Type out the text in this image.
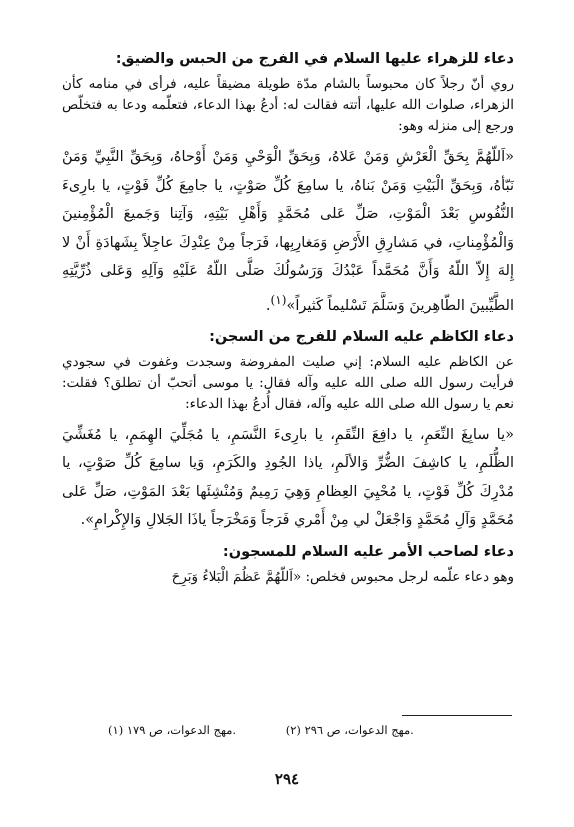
دعاء للزهراء عليها السلام في الفرج من الحبس والضيق:

روي أنّ رجلاً كان محبوساً بالشام مدّة طويلة مضيقاً عليه، فرأى في منامه كأن الزهراء، صلوات الله عليها، أتته فقالت له: أدعُ بهذا الدعاء، فتعلّمه ودعا به فتخلّص ورجع إلى منزله وهو:

«اَللّهُمَّ بِحَقِّ الْعَرْشِ وَمَنْ عَلاهُ، وَبِحَقِّ الْوَحْيِ وَمَنْ أَوْحاهُ، وَبِحَقِّ النَّبِيِّ وَمَنْ نَبّأهُ، وَبِحَقِّ الْبَيْتِ وَمَنْ بَناهُ، يا سامِعَ كُلِّ صَوْتٍ، يا جامِعَ كُلِّ فَوْتٍ، يا بارِىءَ النُّفُوسِ بَعْدَ الْمَوْتِ، صَلِّ عَلى مُحَمَّدٍ وَأَهْلِ بَيْتِهِ، وَآتِنا وَجَميعَ الْمُؤْمِنينَ وَالْمُؤْمِناتِ، في مَشارِقِ الأَرْضِ وَمَغارِبِها، فَرَجاً مِنْ عِنْدِكَ عاجِلاً بِشَهادَةِ أَنْ لا إِلهَ إِلاّ اللّهُ وَأَنَّ مُحَمَّداً عَبْدُكَ وَرَسُولُكَ صَلَّى اللّهُ عَلَيْهِ وَآلِهِ وَعَلى ذُرِّيَّتِهِ الطَّيِّبينَ الطّاهِرينَ وَسَلَّمَ تَسْليماً كَثيراً»$^{(١)}$.

دعاء الكاظم عليه السلام للفرج من السجن:

عن الكاظم عليه السلام: إني صليت المفروضة وسجدت وغفوت في سجودي فرأيت رسول الله صلى الله عليه وآله فقال: يا موسى أتحبّ أن تطلق؟ فقلت: نعم يا رسول الله صلى الله عليه وآله، فقال أُدعُ بهذا الدعاء:

«يا سابِغَ النِّعَمِ، يا دافِعَ النِّقَمِ، يا بارِىءَ النَّسَمِ، يا مُجَلِّيَ الهِمَمِ، يا مُغَشِّيَ الظُّلَمِ، يا كاشِفَ الضُّرِّ وَالألَمِ، ياذا الجُودِ والكَرَمِ، وَيا سامِعَ كُلِّ صَوْتٍ، يا مُدْرِكَ كُلِّ فَوْتٍ، يا مُحْيِيَ العِظامِ وَهِيَ رَمِيمٌ وَمُنْشِئَها بَعْدَ المَوْتِ، صَلِّ عَلى مُحَمَّدٍ وَآلِ مُحَمَّدٍ وَاجْعَلْ لي مِنْ أَمْري فَرَجاً وَمَخْرَجاً ياذَا الجَلالِ وَالإِكْرامِ».

دعاء لصاحب الأمر عليه السلام للمسجون:

وهو دعاء علّمه لرجل محبوس فخلص: «اَللّهُمَّ عَظُمَ الْبَلاءُ وَبَرِحَ

(١) مهج الدعوات، ص ١٧٩.	(٢) مهج الدعوات، ص ٢٩٦.
٢٩٤
